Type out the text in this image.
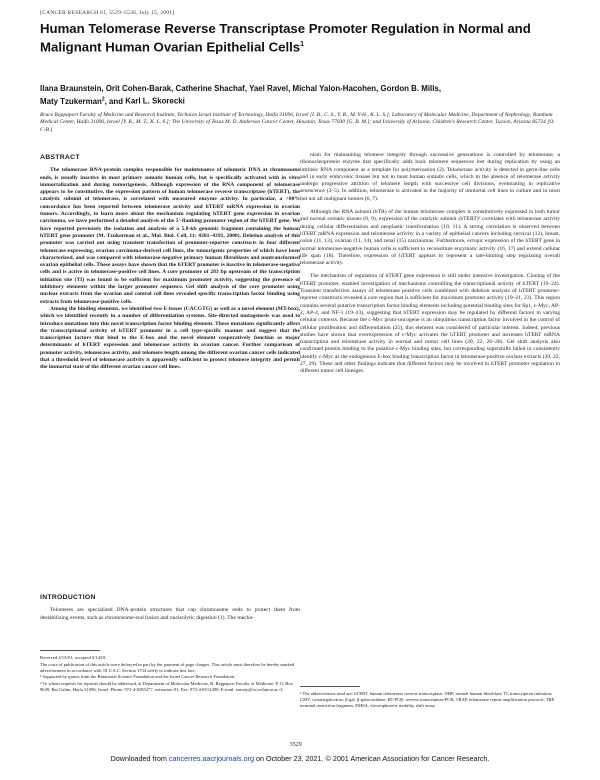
[CANCER RESEARCH 61, 5529–5536, July 15, 2001]
Human Telomerase Reverse Transcriptase Promoter Regulation in Normal and Malignant Human Ovarian Epithelial Cells$^1$
Ilana Braunstein, Orit Cohen-Barak, Catherine Shachaf, Yael Ravel, Michal Yalon-Hacohen, Gordon B. Mills,
Maty Tzukerman$^2$, and Karl L. Skorecki
Bruce Rappaport Faculty of Medicine and Research Institute, Technion Israel Institute of Technology, Haifa 31096, Israel [I. B., C. S., Y. R., M. Y-H., K. L. S.]; Laboratory of Molecular Medicine, Department of Nephrology, Rambam Medical Center, Haifa 31096, Israel [Y. R., M. T., K. L. S.]; The University of Texas M. D. Anderson Cancer Center, Houston, Texas 77030 [G. B. M.]; and University of Arizona, Children’s Research Center, Tucson, Arizona 85724 [O. C-B.]
ABSTRACT

The telomerase RNA-protein complex responsible for maintenance of telomeric DNA at chromosome ends, is usually inactive in most primary somatic human cells, but is specifically activated with in vitro immortalization and during tumorigenesis. Although expression of the RNA component of telomerase appears to be constitutive, the expression pattern of human telomerase reverse transcriptase (hTERT), the catalytic subunit of telomerase, is correlated with measured enzyme activity. In particular, a >80% concordance has been reported between telomerase activity and hTERT mRNA expression in ovarian tumors. Accordingly, to learn more about the mechanism regulating hTERT gene expression in ovarian carcinoma, we have performed a detailed analysis of the 5′-flanking promoter region of the hTERT gene. We have reported previously the isolation and analysis of a 5.8-kb genomic fragment containing the human hTERT gene promoter (M. Tzukerman et al., Mol. Biol. Cell, 11: 4381–4391, 2000). Deletion analysis of this promoter was carried out using transient transfection of promoter-reporter constructs in four different telomerase-expressing, ovarian carcinoma-derived cell lines, the tumorigenic properties of which have been characterized, and was compared with telomerase-negative primary human fibroblasts and nontransformed ovarian epithelial cells. These assays have shown that the hTERT promoter is inactive in telomerase-negative cells and is active in telomerase-positive cell lines. A core promoter of 283 bp upstream of the transcription initiation site (TI) was found to be sufficient for maximum promoter activity, suggesting the presence of inhibitory elements within the larger promoter sequence. Gel shift analysis of the core promoter using nuclear extracts from the ovarian and control cell lines revealed specific transcription factor binding using extracts from telomerase-positive cells.

Among the binding elements, we identified two E-boxes (CACGTG) as well as a novel element (MT-box), which we identified recently in a number of differentiation systems. Site-directed mutagenesis was used to introduce mutations into this novel transcription factor binding element. These mutations significantly affect the transcriptional activity of hTERT promoter in a cell type-specific manner and suggest that the transcription factors that bind to the E-box and the novel element cooperatively function as major determinants of hTERT expression and telomerase activity in ovarian cancer. Further comparison of promoter activity, telomerase activity, and telomere length among the different ovarian cancer cells indicated that a threshold level of telomerase activity is apparently sufficient to protect telomere integrity and permit the immortal state of the different ovarian cancer cell lines.

INTRODUCTION

Telomeres are specialized DNA-protein structures that cap chromosome ends to protect them from destabilizing events, such as chromosome-end fusion and nucleolytic digestion (1). The mecha-

nism for maintaining telomere integrity through successive generations is controlled by telomerase, a ribonucleoprotein enzyme that specifically adds back telomere sequences lost during replication by using an intrinsic RNA component as a template for polymerization (2). Telomerase activity is detected in germ-line cells and in early embryonic tissues but not in most human somatic cells, which in the absence of telomerase activity undergo progressive attrition of telomere length with successive cell divisions, eventuating in replicative senescence (3–5). In addition, telomerase is activated in the majority of immortal cell lines in culture and in most but not all malignant tumors (6, 7).

Although the RNA subunit (hTR) of the human telomerase complex is constitutively expressed in both tumor and normal somatic tissues (8, 9), expression of the catalytic subunit (hTERT)³ correlates with telomerase activity during cellular differentiation and neoplastic transformation (10, 11). A strong correlation is observed between hTERT mRNA expression and telomerase activity in a variety of epithelial cancers including cervical (12), breast, colon (11, 13), ovarian (11, 14), and renal (15) carcinomas. Furthermore, ectopic expression of the hTERT gene in normal telomerase-negative human cells is sufficient to reconstitute enzymatic activity (16, 17) and extend cellular life span (18). Therefore, expression of hTERT appears to represent a rate-limiting step regulating overall telomerase activity.

The mechanism of regulation of hTERT gene expression is still under intensive investigation. Cloning of the hTERT promoter, enabled investigation of mechanisms controlling the transcriptional activity of hTERT (19–24). Transient transfection assays of telomerase positive cells combined with deletion analysis of hTERT promoter-reporter constructs revealed a core region that is sufficient for maximum promoter activity (19–21, 23). This region contains several putative transcription factor binding elements including potential binding sites for Sp1, c-Myc, AP-2, AP-4, and NF-1 (19–23), suggesting that hTERT expression may be regulated by different factors in varying cellular contexts. Because the c-Myc proto-oncogene is an ubiquitous transcription factor involved in the control of cellular proliferation and differentiation (25), this element was considered of particular interest. Indeed, previous studies have shown that overexpression of c-Myc activates the hTERT promoter and increases hTERT mRNA transcription and telomerase activity in normal and tumor cell lines (20, 22, 26–28). Gel shift analysis also confirmed protein binding to the putative c-Myc binding sites, but corresponding supershifts failed to consistently identify c-Myc as the endogenous E-box binding transcription factor in telomerase-positive nuclear extracts (20, 22, 27, 29). These and other findings indicate that different factors may be involved in hTERT promoter regulation in different tumor cell lineages.

Received 1/15/01; accepted 5/14/01.
The costs of publication of this article were defrayed in part by the payment of page charges. This article must therefore be hereby marked advertisement in accordance with 18 U.S.C. Section 1734 solely to indicate this fact.
¹ Supported by grants from the Binational Science Foundation and the Israel Cancer Research Foundation.
² To whom requests for reprints should be addressed, at Department of Molecular Medicine, B. Rappaport Faculty of Medicine, P. O. Box 9649, Bat Galim, Haifa 31096, Israel. Phone: 972-4-8295277, extension 81; Fax: 972-4-8512380; E-mail: tzmaty@tx.technion.ac.il.
³ The abbreviations used are: hTERT, human telomerase reverse transcriptase; NHF, normal human fibroblast; TI, transcription initiation; CMV, cytomegalovirus; β-gal, β-galactosidase; RT-PCR, reverse transcription-PCR; TRAP, telomerase repeat amplification protocol; TRF, terminal restriction fragment; EMSA, electrophoretic mobility shift assay.
5529
Downloaded from cancerres.aacrjournals.org on October 23, 2021. © 2001 American Association for Cancer Research.
